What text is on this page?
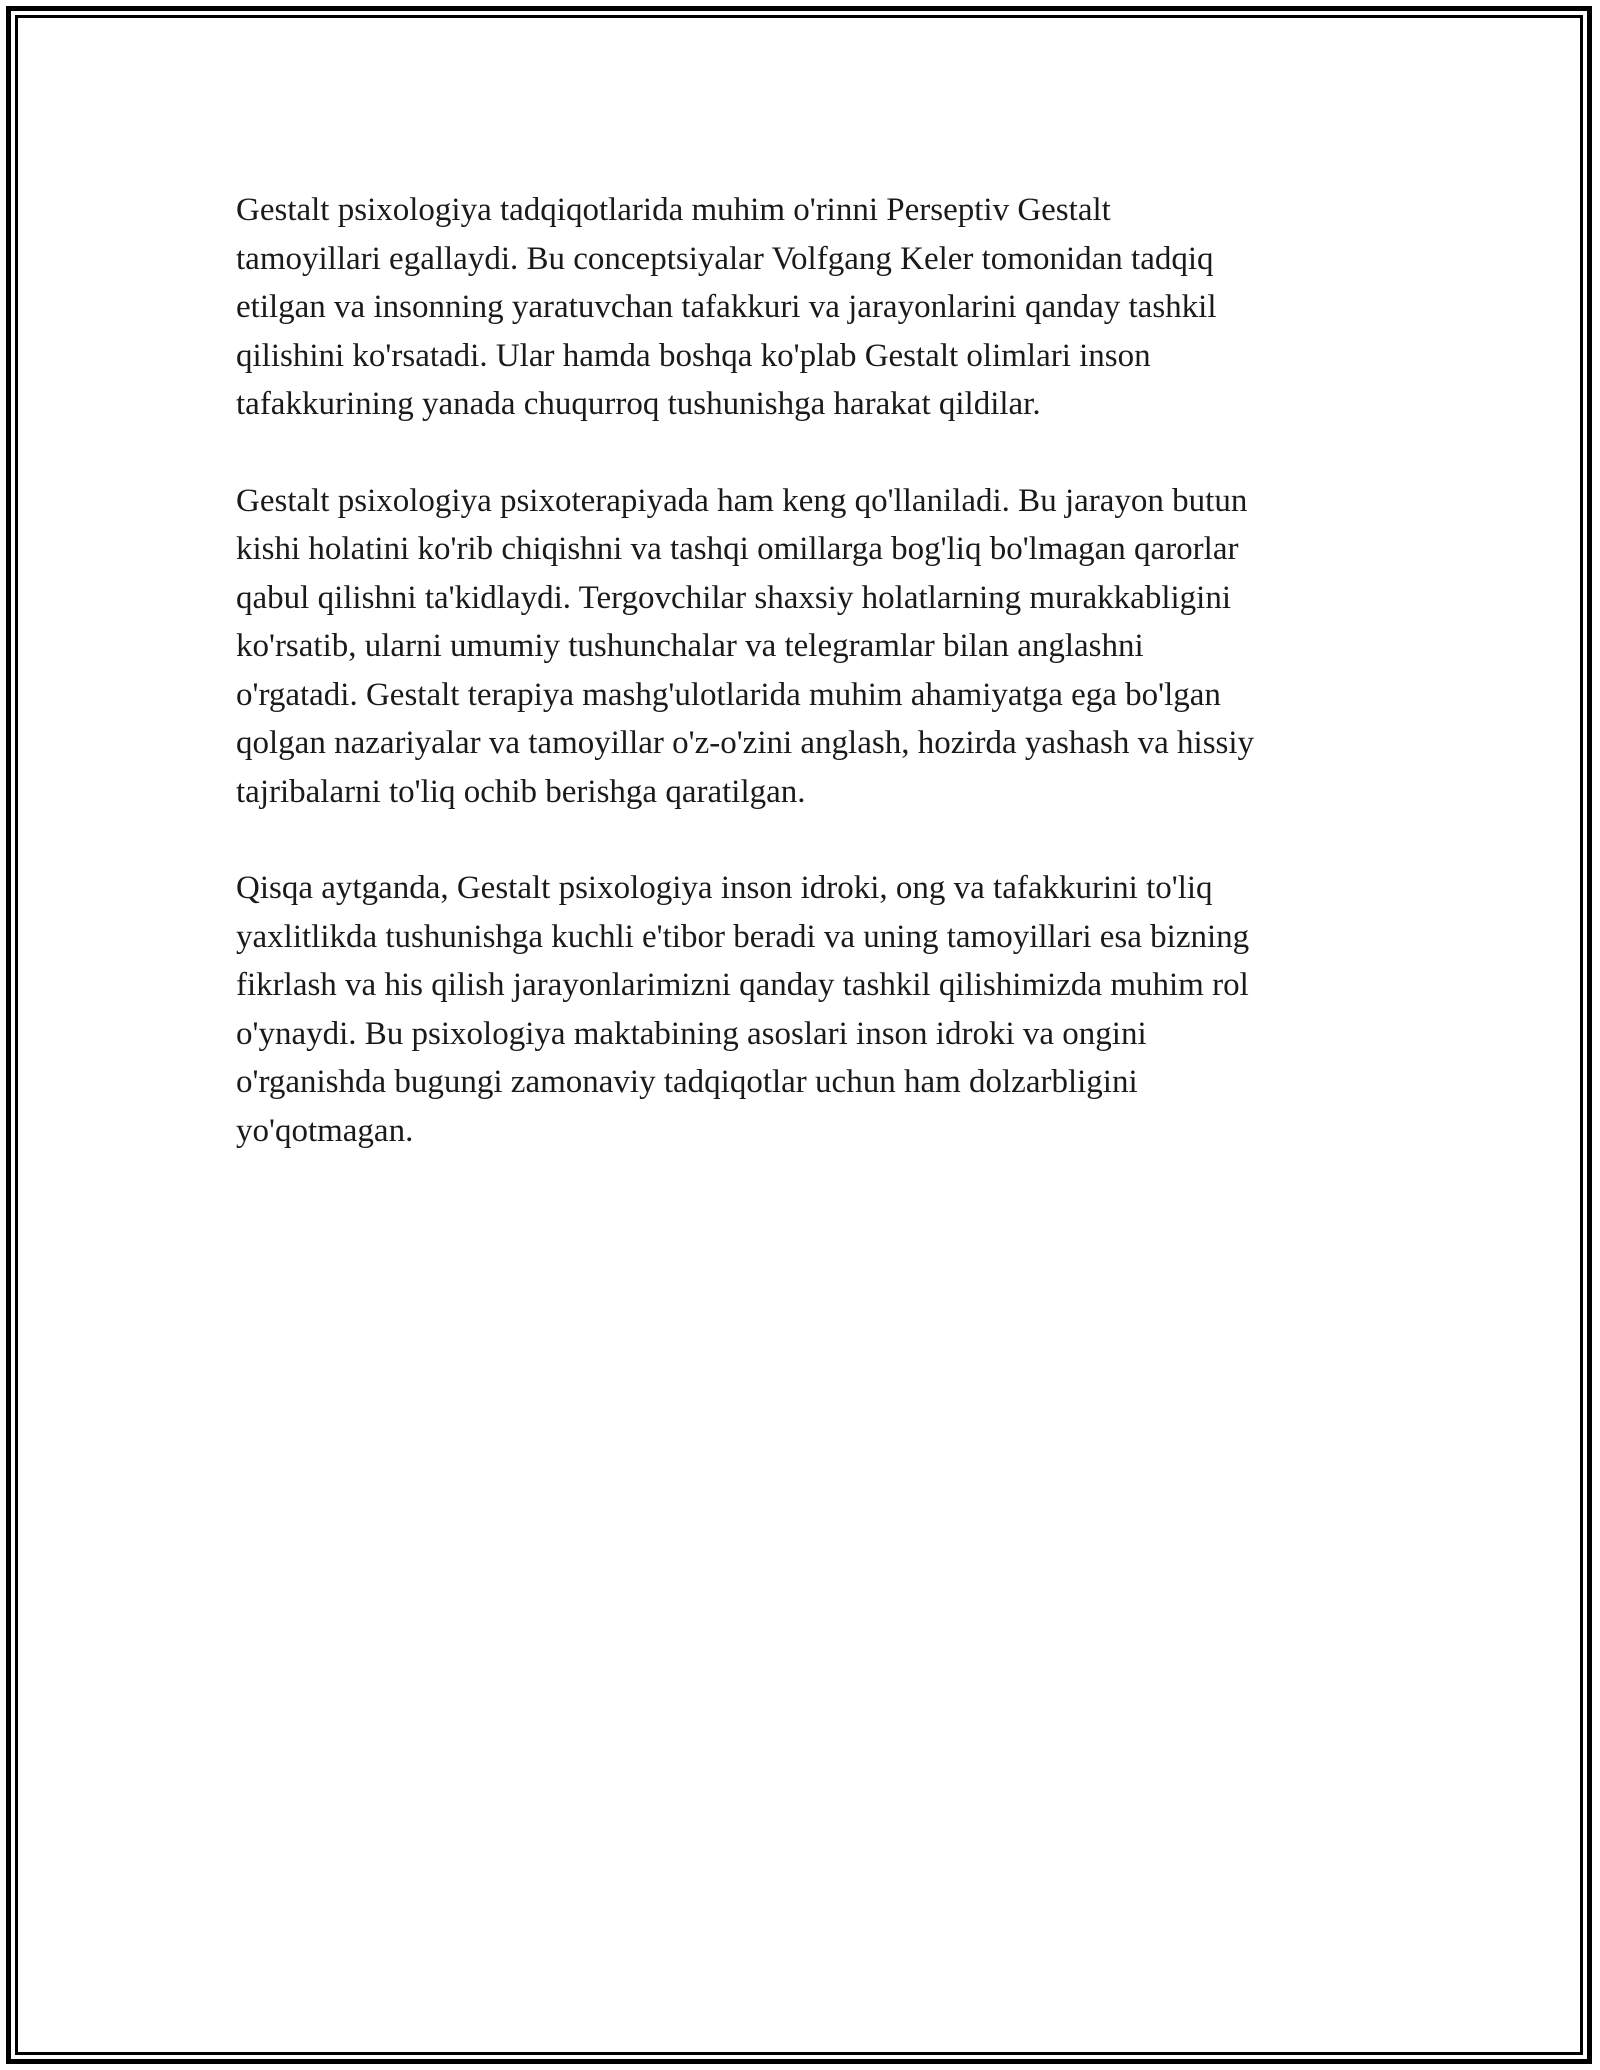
Gestalt psixologiya tadqiqotlarida muhim o'rinni Perseptiv Gestalt
tamoyillari egallaydi. Bu conceptsiyalar Volfgang Keler tomonidan tadqiq
etilgan va insonning yaratuvchan tafakkuri va jarayonlarini qanday tashkil
qilishini ko'rsatadi. Ular hamda boshqa ko'plab Gestalt olimlari inson
tafakkurining yanada chuqurroq tushunishga harakat qildilar.

Gestalt psixologiya psixoterapiyada ham keng qo'llaniladi. Bu jarayon butun
kishi holatini ko'rib chiqishni va tashqi omillarga bog'liq bo'lmagan qarorlar
qabul qilishni ta'kidlaydi. Tergovchilar shaxsiy holatlarning murakkabligini
ko'rsatib, ularni umumiy tushunchalar va telegramlar bilan anglashni
o'rgatadi. Gestalt terapiya mashg'ulotlarida muhim ahamiyatga ega bo'lgan
qolgan nazariyalar va tamoyillar o'z-o'zini anglash, hozirda yashash va hissiy
tajribalarni to'liq ochib berishga qaratilgan.

Qisqa aytganda, Gestalt psixologiya inson idroki, ong va tafakkurini to'liq
yaxlitlikda tushunishga kuchli e'tibor beradi va uning tamoyillari esa bizning
fikrlash va his qilish jarayonlarimizni qanday tashkil qilishimizda muhim rol
o'ynaydi. Bu psixologiya maktabining asoslari inson idroki va ongini
o'rganishda bugungi zamonaviy tadqiqotlar uchun ham dolzarbligini
yo'qotmagan.
